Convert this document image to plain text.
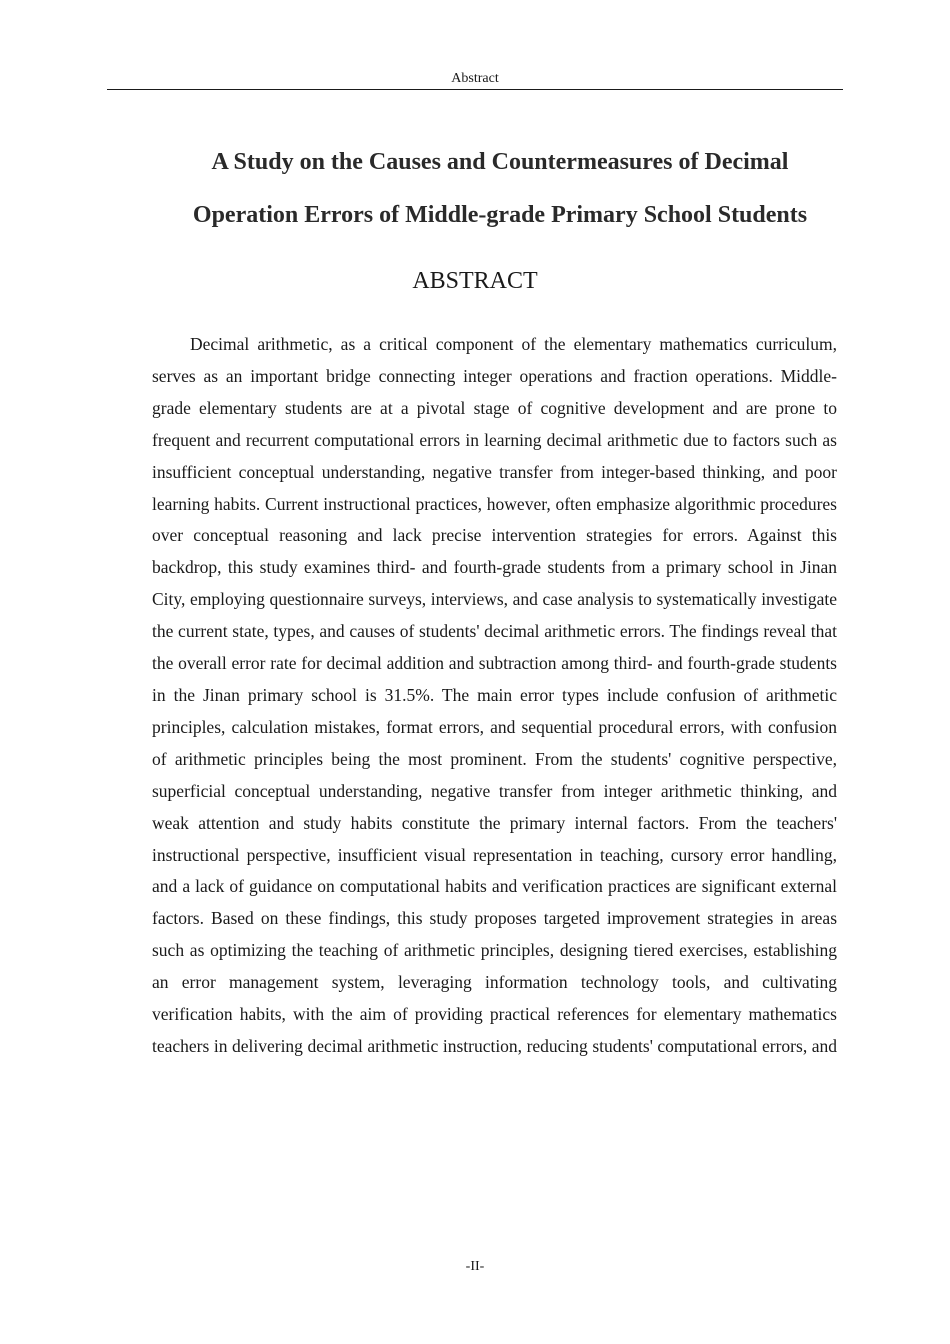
Abstract
A Study on the Causes and Countermeasures of Decimal
Operation Errors of Middle-grade Primary School Students
ABSTRACT

Decimal arithmetic, as a critical component of the elementary mathematics curriculum, serves as an important bridge connecting integer operations and fraction operations. Middle-grade elementary students are at a pivotal stage of cognitive development and are prone to frequent and recurrent computational errors in learning decimal arithmetic due to factors such as insufficient conceptual understanding, negative transfer from integer-based thinking, and poor learning habits. Current instructional practices, however, often emphasize algorithmic procedures over conceptual reasoning and lack precise intervention strategies for errors. Against this backdrop, this study examines third- and fourth-grade students from a primary school in Jinan City, employing questionnaire surveys, interviews, and case analysis to systematically investigate the current state, types, and causes of students' decimal arithmetic errors. The findings reveal that the overall error rate for decimal addition and subtraction among third- and fourth-grade students in the Jinan primary school is 31.5%. The main error types include confusion of arithmetic principles, calculation mistakes, format errors, and sequential procedural errors, with confusion of arithmetic principles being the most prominent. From the students' cognitive perspective, superficial conceptual understanding, negative transfer from integer arithmetic thinking, and weak attention and study habits constitute the primary internal factors. From the teachers' instructional perspective, insufficient visual representation in teaching, cursory error handling, and a lack of guidance on computational habits and verification practices are significant external factors. Based on these findings, this study proposes targeted improvement strategies in areas such as optimizing the teaching of arithmetic principles, designing tiered exercises, establishing an error management system, leveraging information technology tools, and cultivating verification habits, with the aim of providing practical references for elementary mathematics teachers in delivering decimal arithmetic instruction, reducing students' computational errors, and

-II-
